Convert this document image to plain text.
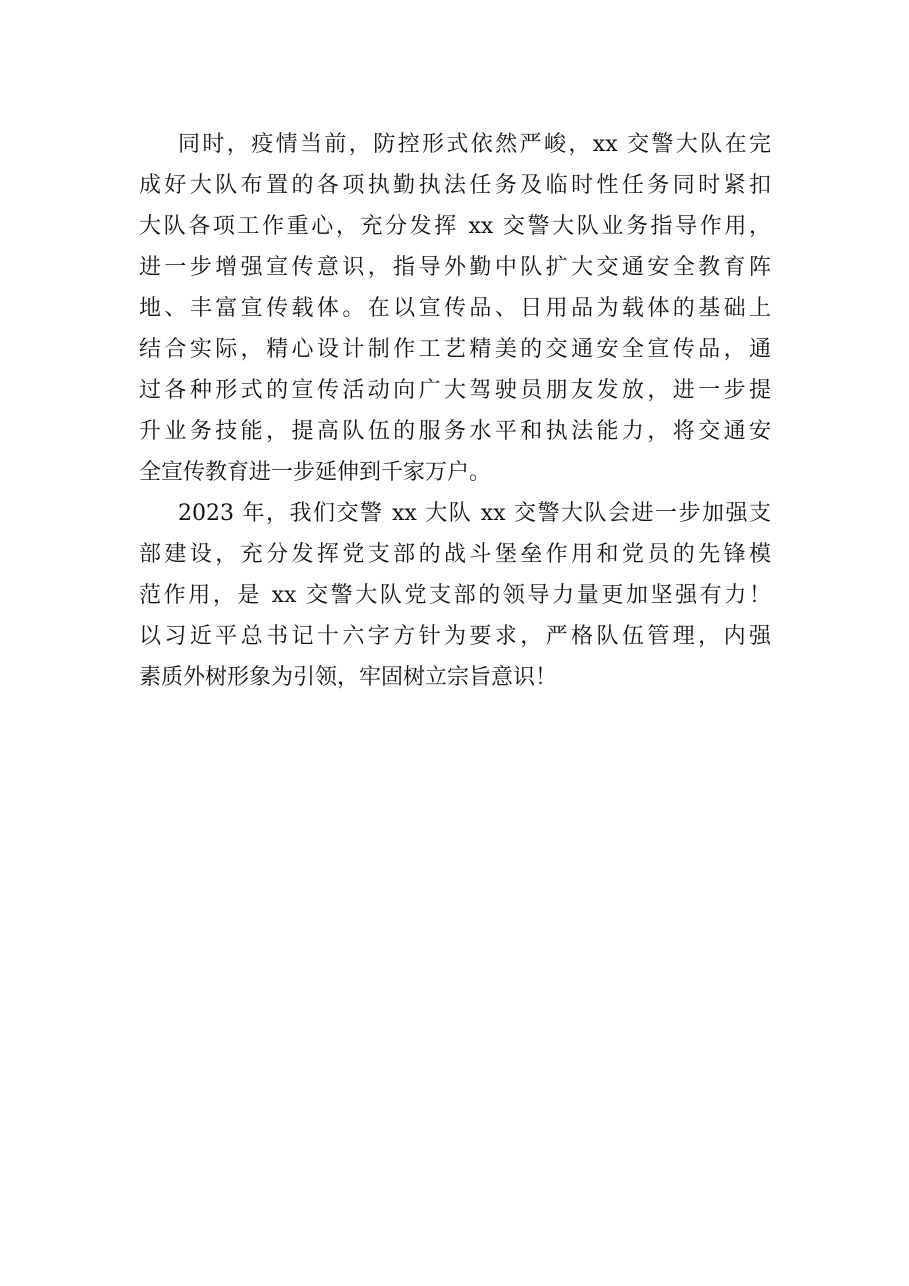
同时，疫情当前，防控形式依然严峻，xx 交警大队在完
成好大队布置的各项执勤执法任务及临时性任务同时紧扣
大队各项工作重心，充分发挥 xx 交警大队业务指导作用，
进一步增强宣传意识，指导外勤中队扩大交通安全教育阵
地、丰富宣传载体。在以宣传品、日用品为载体的基础上
结合实际，精心设计制作工艺精美的交通安全宣传品，通
过各种形式的宣传活动向广大驾驶员朋友发放，进一步提
升业务技能，提高队伍的服务水平和执法能力，将交通安
全宣传教育进一步延伸到千家万户。
2023 年，我们交警 xx 大队 xx 交警大队会进一步加强支
部建设，充分发挥党支部的战斗堡垒作用和党员的先锋模
范作用，是 xx 交警大队党支部的领导力量更加坚强有力！
以习近平总书记十六字方针为要求，严格队伍管理，内强
素质外树形象为引领，牢固树立宗旨意识！
